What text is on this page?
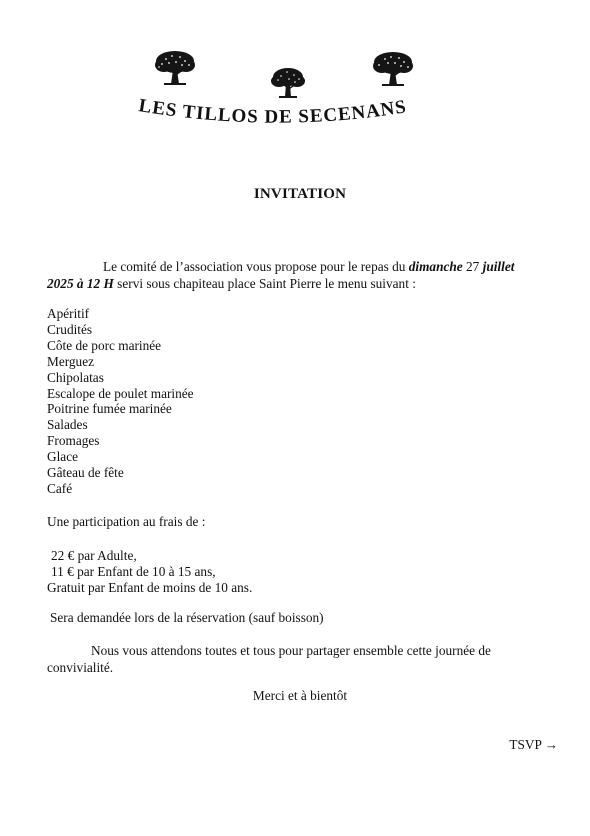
LES TILLOS DE SECENANS
INVITATION
Le comité de l’association vous propose pour le repas du dimanche 27 juillet
2025 à 12 H servi sous chapiteau place Saint Pierre le menu suivant :
Apéritif
Crudités
Côte de porc marinée
Merguez
Chipolatas
Escalope de poulet marinée
Poitrine fumée marinée
Salades
Fromages
Glace
Gâteau de fête
Café
Une participation au frais de :
22 € par Adulte,
11 € par Enfant de 10 à 15 ans,
Gratuit par Enfant de moins de 10 ans.
Sera demandée lors de la réservation (sauf boisson)
Nous vous attendons toutes et tous pour partager ensemble cette journée de
convivialité.
Merci et à bientôt
TSVP →
